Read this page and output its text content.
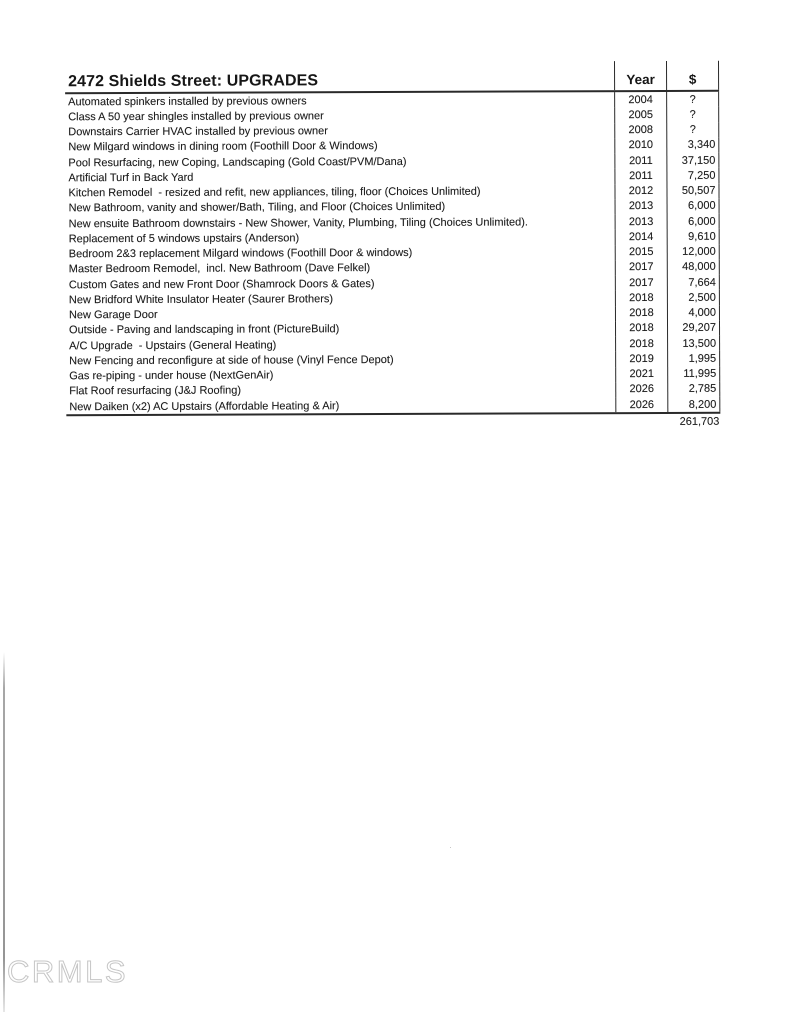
2472 Shields Street: UPGRADES	Year	$
Automated spinkers installed by previous owners	2004	?
Class A 50 year shingles installed by previous owner	2005	?
Downstairs Carrier HVAC installed by previous owner	2008	?
New Milgard windows in dining room (Foothill Door & Windows)	2010	3,340
Pool Resurfacing, new Coping, Landscaping (Gold Coast/PVM/Dana)	2011	37,150
Artificial Turf in Back Yard	2011	7,250
Kitchen Remodel  - resized and refit, new appliances, tiling, floor (Choices Unlimited)	2012	50,507
New Bathroom, vanity and shower/Bath, Tiling, and Floor (Choices Unlimited)	2013	6,000
New ensuite Bathroom downstairs - New Shower, Vanity, Plumbing, Tiling (Choices Unlimited).	2013	6,000
Replacement of 5 windows upstairs (Anderson)	2014	9,610
Bedroom 2&3 replacement Milgard windows (Foothill Door & windows)	2015	12,000
Master Bedroom Remodel,  incl. New Bathroom (Dave Felkel)	2017	48,000
Custom Gates and new Front Door (Shamrock Doors & Gates)	2017	7,664
New Bridford White Insulator Heater (Saurer Brothers)	2018	2,500
New Garage Door	2018	4,000
Outside - Paving and landscaping in front (PictureBuild)	2018	29,207
A/C Upgrade  - Upstairs (General Heating)	2018	13,500
New Fencing and reconfigure at side of house (Vinyl Fence Depot)	2019	1,995
Gas re-piping - under house (NextGenAir)	2021	11,995
Flat Roof resurfacing (J&J Roofing)	2026	2,785
New Daiken (x2) AC Upstairs (Affordable Heating & Air)	2026	8,200
261,703
·
CRMLS
